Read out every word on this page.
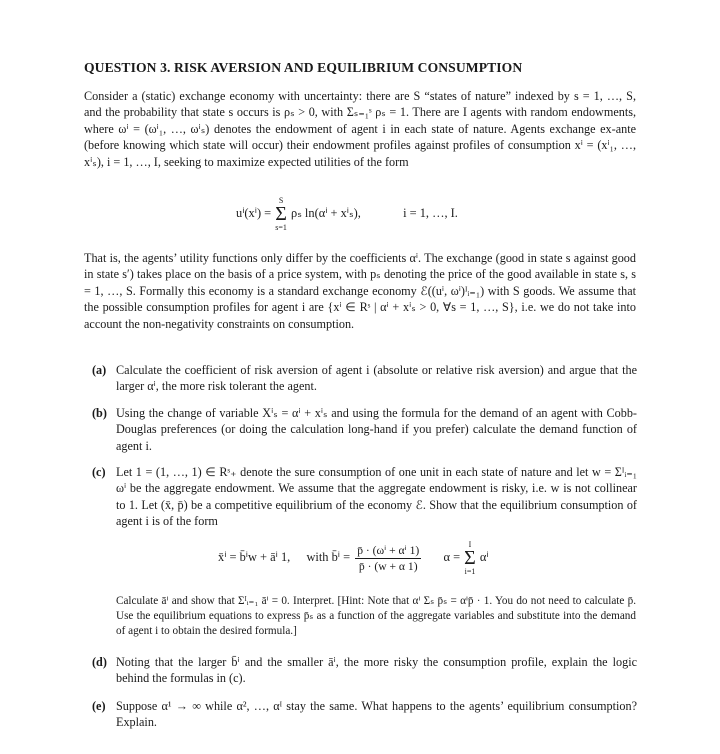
QUESTION 3. RISK AVERSION AND EQUILIBRIUM CONSUMPTION

Consider a (static) exchange economy with uncertainty: there are S “states of nature” indexed by s = 1, …, S, and the probability that state s occurs is ρₛ > 0, with Σₛ₌₁ˢ ρₛ = 1. There are I agents with random endowments, where ωⁱ = (ωⁱ₁, …, ωⁱₛ) denotes the endowment of agent i in each state of nature. Agents exchange ex-ante (before knowing which state will occur) their endowment profiles against profiles of consumption xⁱ = (xⁱ₁, …, xⁱₛ), i = 1, …, I, seeking to maximize expected utilities of the form

uⁱ(xⁱ) =
S
Σ
s=1
ρₛ ln(αⁱ + xⁱₛ),	i = 1, …, I.

That is, the agents’ utility functions only differ by the coefficients αⁱ. The exchange (good in state s against good in state s′) takes place on the basis of a price system, with pₛ denoting the price of the good available in state s, s = 1, …, S. Formally this economy is a standard exchange economy ℰ((uⁱ, ωⁱ)ᴵᵢ₌₁) with S goods. We assume that the possible consumption profiles for agent i are {xⁱ ∈ Rˢ | αⁱ + xⁱₛ > 0, ∀s = 1, …, S}, i.e. we do not take into account the non-negativity constraints on consumption.

(a) Calculate the coefficient of risk aversion of agent i (absolute or relative risk aversion) and argue that the larger αⁱ, the more risk tolerant the agent.
(b) Using the change of variable Xⁱₛ = αⁱ + xⁱₛ and using the formula for the demand of an agent with Cobb-Douglas preferences (or doing the calculation long-hand if you prefer) calculate the demand function of agent i.
(c) Let 1 = (1, …, 1) ∈ Rˢ₊ denote the sure consumption of one unit in each state of nature and let w = Σᴵᵢ₌₁ ωⁱ be the aggregate endowment. We assume that the aggregate endowment is risky, i.e. w is not collinear to 1. Let (x̄, p̄) be a competitive equilibrium of the economy ℰ. Show that the equilibrium consumption of agent i is of the form
x̄ⁱ = b̄ⁱw + āⁱ 1, with b̄ⁱ = $\frac{\text{p̄ · (ωⁱ + αⁱ 1)}}{p̄ \cdot (w + \alpha 1)}$ α =
I
Σ
i=1
αⁱ
Calculate āⁱ and show that Σᴵᵢ₌₁ āⁱ = 0. Interpret. [Hint: Note that αⁱ Σₛ p̄ₛ = αⁱp̄ · 1. You do not need to calculate p̄. Use the equilibrium equations to express p̄ₛ as a function of the aggregate variables and substitute into the demand of agent i to obtain the desired formula.]
(d) Noting that the larger b̄ⁱ and the smaller āⁱ, the more risky the consumption profile, explain the logic behind the formulas in (c).
(e) Suppose α¹ → ∞ while α², …, αᴵ stay the same. What happens to the agents’ equilibrium consumption? Explain.
